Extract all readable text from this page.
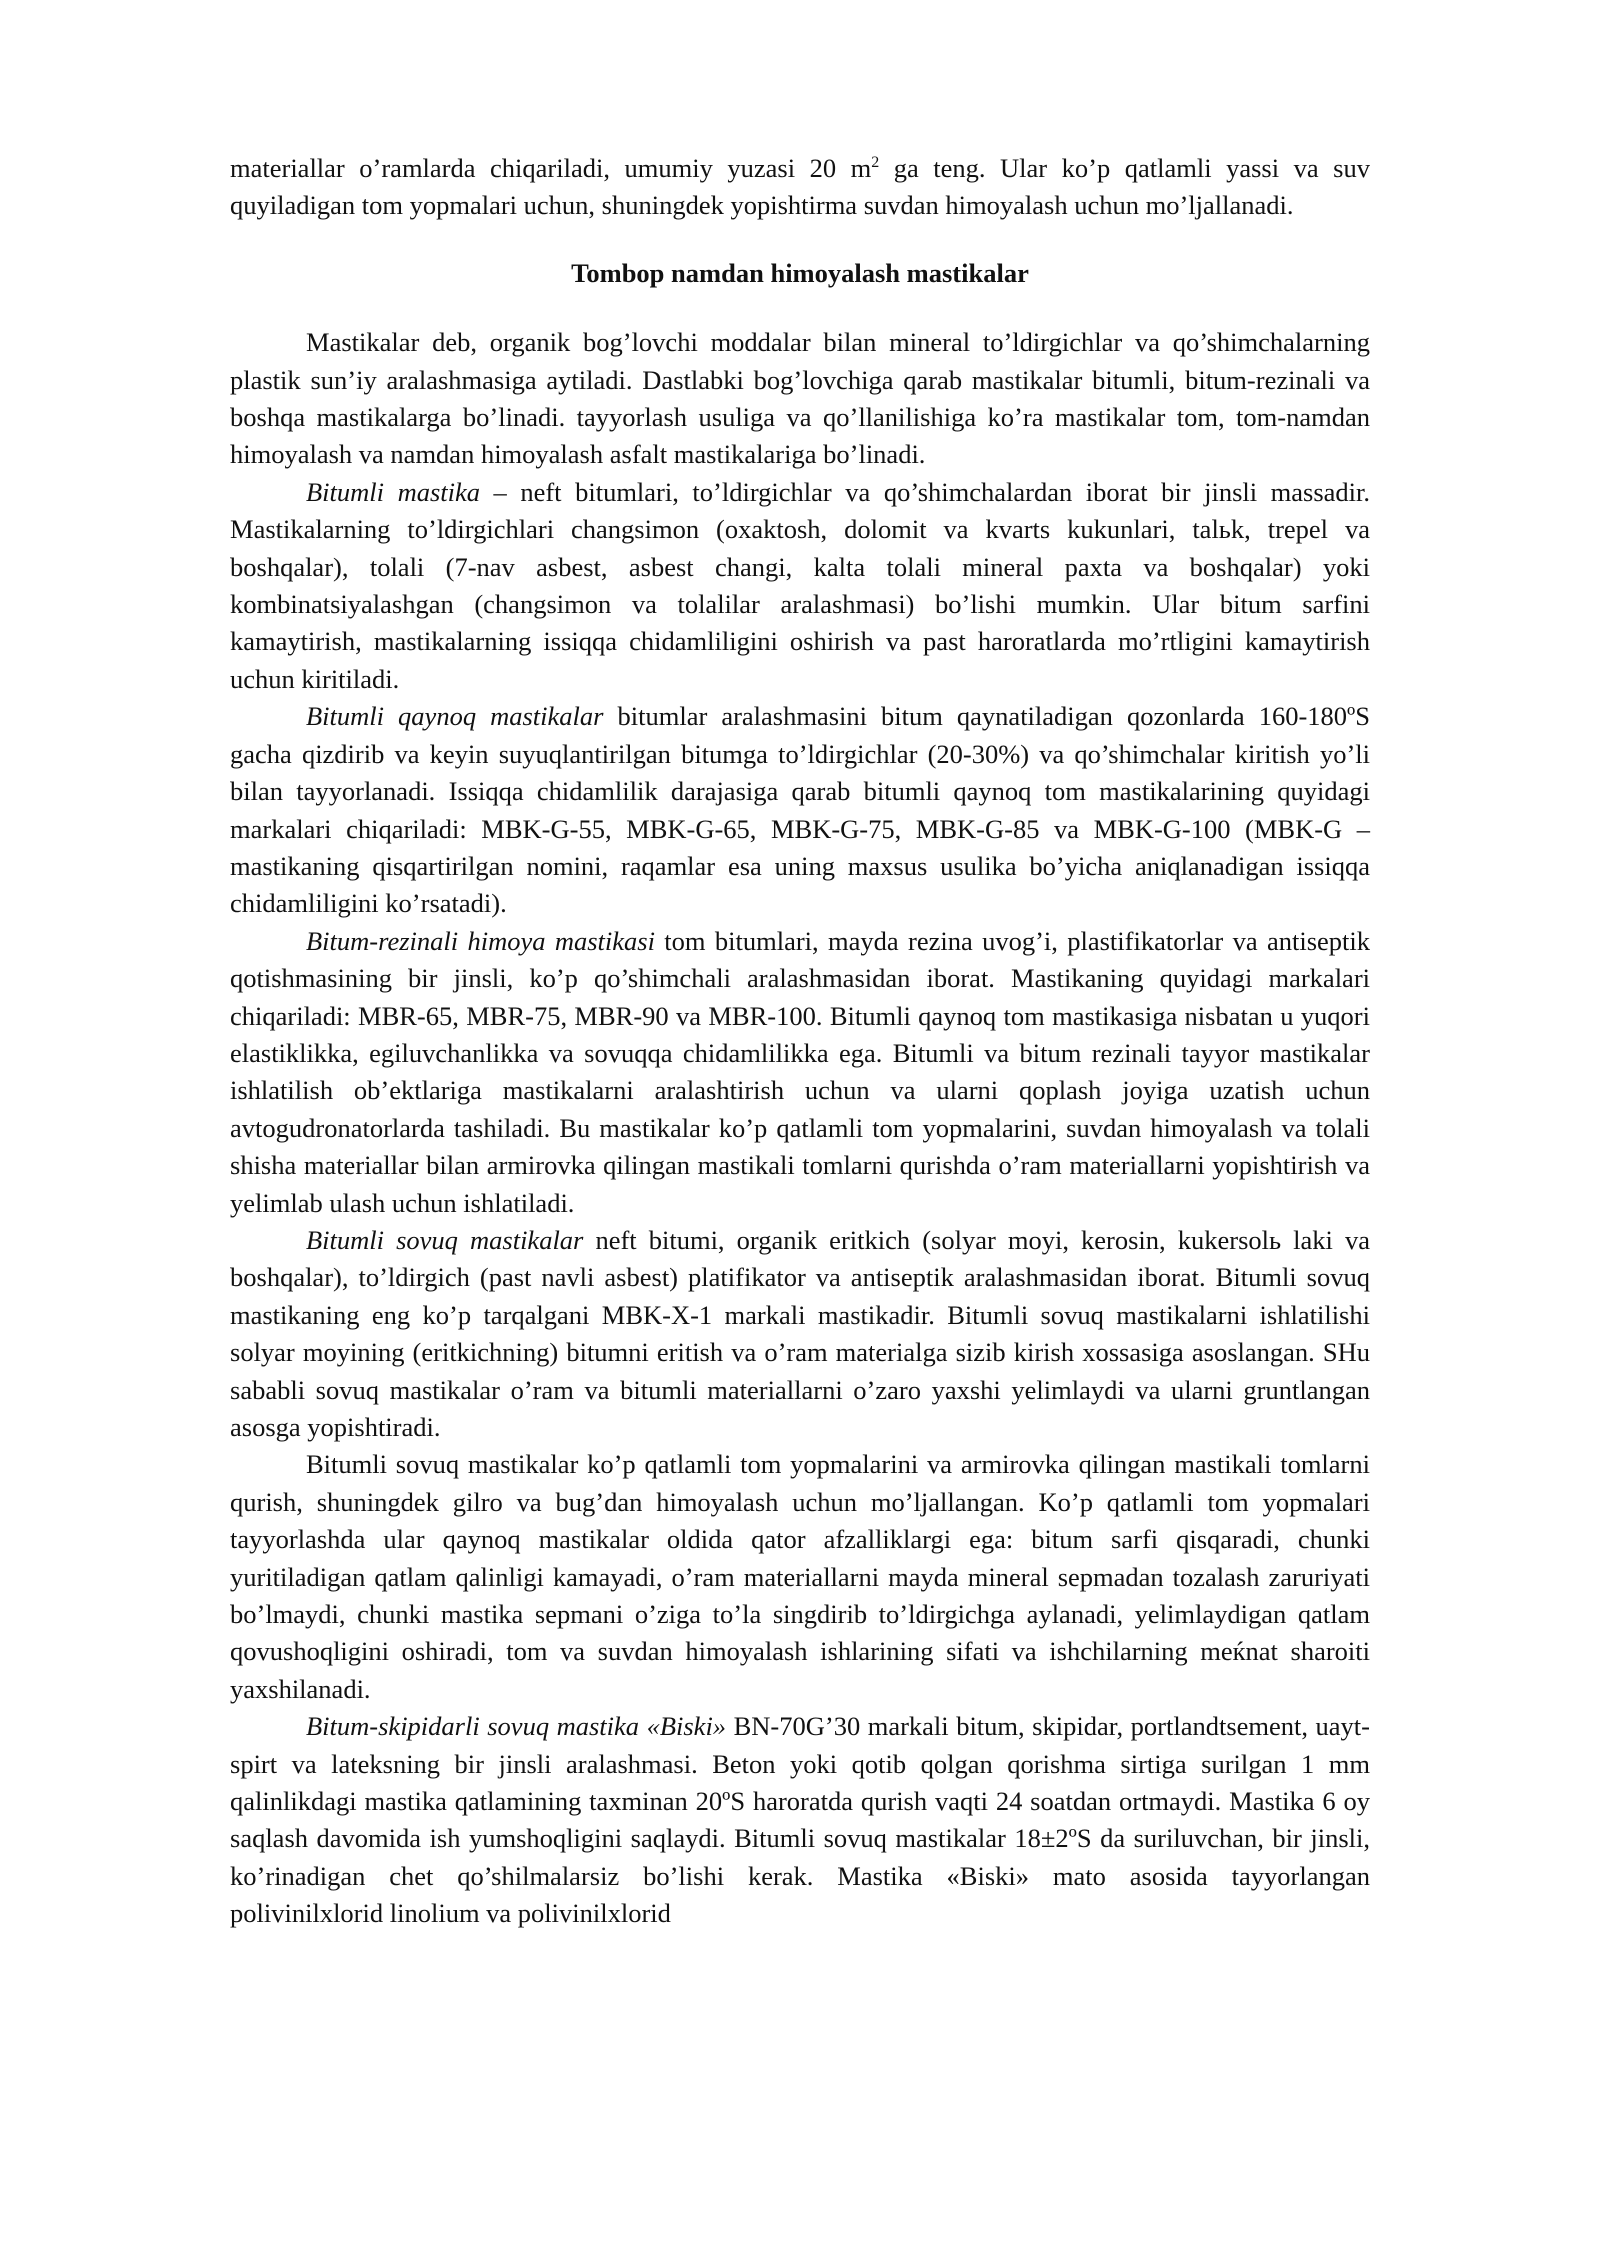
materiallar o’ramlarda chiqariladi, umumiy yuzasi 20 $m^2$ ga teng. Ular ko’p qatlamli yassi va suv quyiladigan tom yopmalari uchun, shuningdek yopishtirma suvdan himoyalash uchun mo’ljallanadi.

Tombop namdan himoyalash mastikalar

Mastikalar deb, organik bog’lovchi moddalar bilan mineral to’ldirgichlar va qo’shimchalarning plastik sun’iy aralashmasiga aytiladi. Dastlabki bog’lovchiga qarab mastikalar bitumli, bitum-rezinali va boshqa mastikalarga bo’linadi. tayyorlash usuliga va qo’llanilishiga ko’ra mastikalar tom, tom-namdan himoyalash va namdan himoyalash asfalt mastikalariga bo’linadi.

Bitumli mastika – neft bitumlari, to’ldirgichlar va qo’shimchalardan iborat bir jinsli massadir. Mastikalarning to’ldirgichlari changsimon (oxaktosh, dolomit va kvarts kukunlari, talьk, trepel va boshqalar), tolali (7-nav asbest, asbest changi, kalta tolali mineral paxta va boshqalar) yoki kombinatsiyalashgan (changsimon va tolalilar aralashmasi) bo’lishi mumkin. Ular bitum sarfini kamaytirish, mastikalarning issiqqa chidamliligini oshirish va past haroratlarda mo’rtligini kamaytirish uchun kiritiladi.

Bitumli qaynoq mastikalar bitumlar aralashmasini bitum qaynatiladigan qozonlarda 160-180ºS gacha qizdirib va keyin suyuqlantirilgan bitumga to’ldirgichlar (20-30%) va qo’shimchalar kiritish yo’li bilan tayyorlanadi. Issiqqa chidamlilik darajasiga qarab bitumli qaynoq tom mastikalarining quyidagi markalari chiqariladi: MBK-G-55, MBK-G-65, MBK-G-75, MBK-G-85 va MBK-G-100 (MBK-G – mastikaning qisqartirilgan nomini, raqamlar esa uning maxsus usulika bo’yicha aniqlanadigan issiqqa chidamliligini ko’rsatadi).

Bitum-rezinali himoya mastikasi tom bitumlari, mayda rezina uvog’i, plastifikatorlar va antiseptik qotishmasining bir jinsli, ko’p qo’shimchali aralashmasidan iborat. Mastikaning quyidagi markalari chiqariladi: MBR-65, MBR-75, MBR-90 va MBR-100. Bitumli qaynoq tom mastikasiga nisbatan u yuqori elastiklikka, egiluvchanlikka va sovuqqa chidamlilikka ega. Bitumli va bitum rezinali tayyor mastikalar ishlatilish ob’ektlariga mastikalarni aralashtirish uchun va ularni qoplash joyiga uzatish uchun avtogudronatorlarda tashiladi. Bu mastikalar ko’p qatlamli tom yopmalarini, suvdan himoyalash va tolali shisha materiallar bilan armirovka qilingan mastikali tomlarni qurishda o’ram materiallarni yopishtirish va yelimlab ulash uchun ishlatiladi.

Bitumli sovuq mastikalar neft bitumi, organik eritkich (solyar moyi, kerosin, kukersolь laki va boshqalar), to’ldirgich (past navli asbest) platifikator va antiseptik aralashmasidan iborat. Bitumli sovuq mastikaning eng ko’p tarqalgani MBK-X-1 markali mastikadir. Bitumli sovuq mastikalarni ishlatilishi solyar moyining (eritkichning) bitumni eritish va o’ram materialga sizib kirish xossasiga asoslangan. SHu sababli sovuq mastikalar o’ram va bitumli materiallarni o’zaro yaxshi yelimlaydi va ularni gruntlangan asosga yopishtiradi.

Bitumli sovuq mastikalar ko’p qatlamli tom yopmalarini va armirovka qilingan mastikali tomlarni qurish, shuningdek gilro va bug’dan himoyalash uchun mo’ljallangan. Ko’p qatlamli tom yopmalari tayyorlashda ular qaynoq mastikalar oldida qator afzalliklargi ega: bitum sarfi qisqaradi, chunki yuritiladigan qatlam qalinligi kamayadi, o’ram materiallarni mayda mineral sepmadan tozalash zaruriyati bo’lmaydi, chunki mastika sepmani o’ziga to’la singdirib to’ldirgichga aylanadi, yelimlaydigan qatlam qovushoqligini oshiradi, tom va suvdan himoyalash ishlarining sifati va ishchilarning meќnat sharoiti yaxshilanadi.

Bitum-skipidarli sovuq mastika «Biski» BN-70G’30 markali bitum, skipidar, portlandtsement, uayt-spirt va lateksning bir jinsli aralashmasi. Beton yoki qotib qolgan qorishma sirtiga surilgan 1 mm qalinlikdagi mastika qatlamining taxminan 20ºS haroratda qurish vaqti 24 soatdan ortmaydi. Mastika 6 oy saqlash davomida ish yumshoqligini saqlaydi. Bitumli sovuq mastikalar 18±2ºS da suriluvchan, bir jinsli, ko’rinadigan chet qo’shilmalarsiz bo’lishi kerak. Mastika «Biski» mato asosida tayyorlangan polivinilxlorid linolium va polivinilxlorid
